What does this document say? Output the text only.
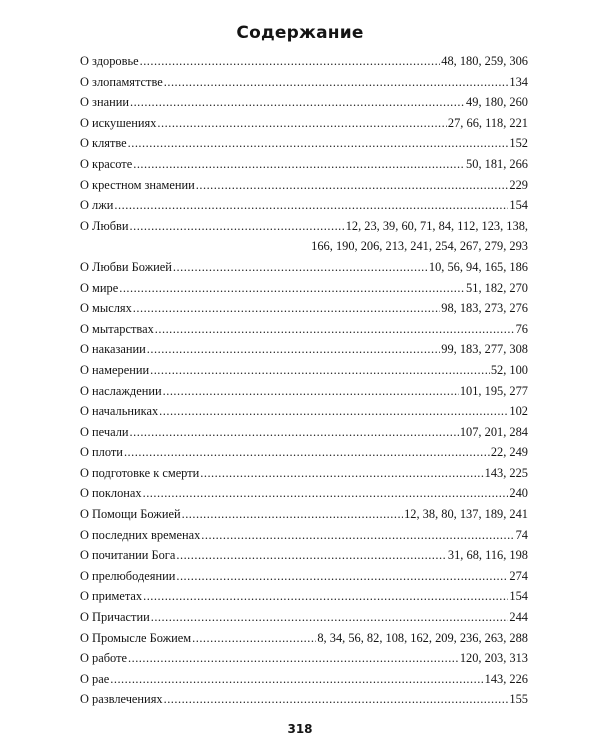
Содержание
О здоровье .....	48, 180, 259, 306
О злопамятстве .....	134
О знании .....	49, 180, 260
О искушениях .....	27, 66, 118, 221
О клятве .....	152
О красоте .....	50, 181, 266
О крестном знамении .....	229
О лжи .....	154
О Любви .....	12, 23, 39, 60, 71, 84, 112, 123, 138,
166, 190, 206, 213, 241, 254, 267, 279, 293
О Любви Божией .....	10, 56, 94, 165, 186
О мире .....	51, 182, 270
О мыслях .....	98, 183, 273, 276
О мытарствах .....	76
О наказании .....	99, 183, 277, 308
О намерении .....	52, 100
О наслаждении .....	101, 195, 277
О начальниках .....	102
О печали .....	107, 201, 284
О плоти .....	22, 249
О подготовке к смерти .....	143, 225
О поклонах .....	240
О Помощи Божией .....	12, 38, 80, 137, 189, 241
О последних временах .....	74
О почитании Бога .....	31, 68, 116, 198
О прелюбодеянии .....	274
О приметах .....	154
О Причастии .....	244
О Промысле Божием .....	8, 34, 56, 82, 108, 162, 209, 236, 263, 288
О работе .....	120, 203, 313
О рае .....	143, 226
О развлечениях .....	155
318
